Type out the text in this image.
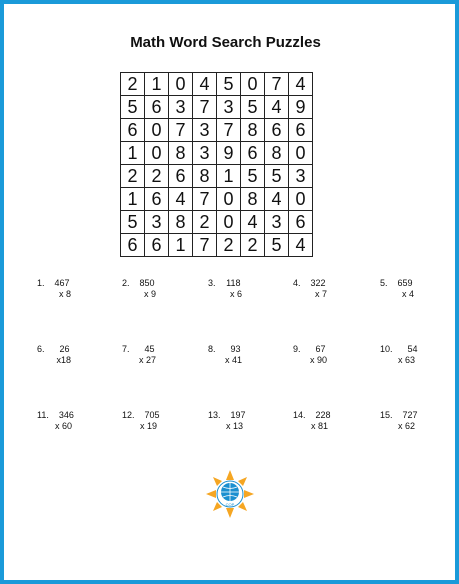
Math Word Search Puzzles
2	1	0	4	5	0	7	4
5	6	3	7	3	5	4	9
6	0	7	3	7	8	6	6
1	0	8	3	9	6	8	0
2	2	6	8	1	5	5	3
1	6	4	7	0	8	4	0
5	3	8	2	0	4	3	6
6	6	1	7	2	2	5	4
1. 467
x 8
2. 850
x 9
3. 118
x 6
4. 322
x 7
5. 659
x 4
6. 26
x18
7. 45
x 27
8. 93
x 41
9. 67
x 90
10. 54
x 63
11. 346
x 60
12. 705
x 19
13. 197
x 13
14. 228
x 81
15. 727
x 62
COP
